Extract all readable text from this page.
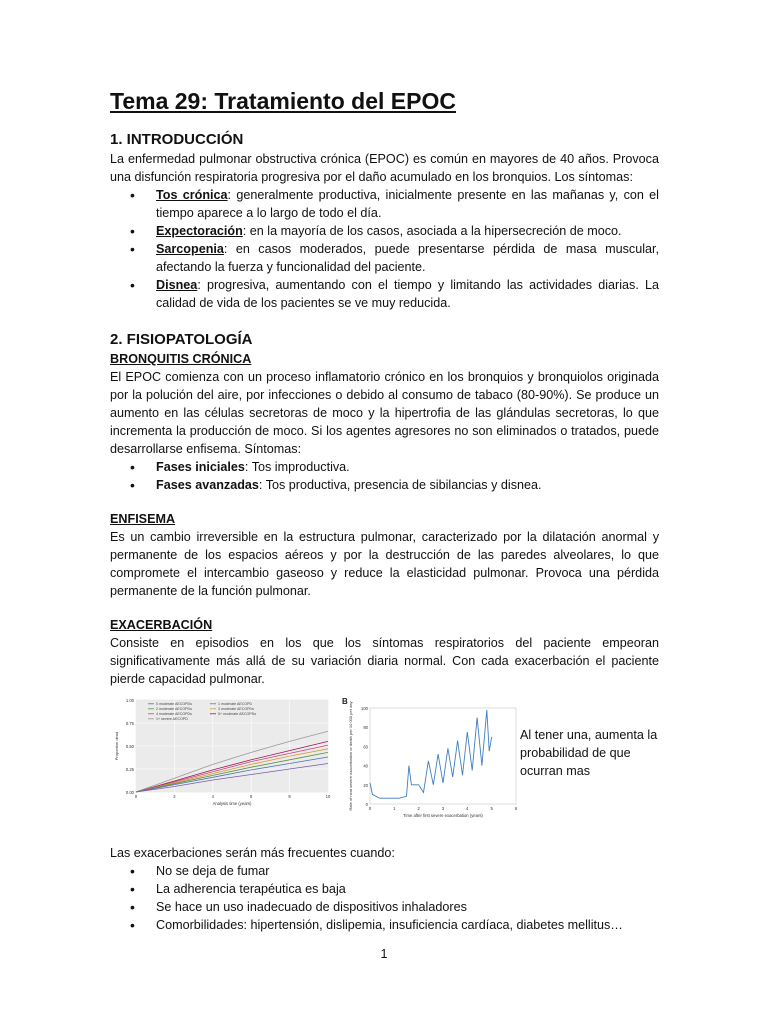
Tema 29: Tratamiento del EPOC
1. INTRODUCCIÓN

La enfermedad pulmonar obstructiva crónica (EPOC) es común en mayores de 40 años. Provoca una disfunción respiratoria progresiva por el daño acumulado en los bronquios. Los síntomas:

• Tos crónica: generalmente productiva, inicialmente presente en las mañanas y, con el tiempo aparece a lo largo de todo el día.
• Expectoración: en la mayoría de los casos, asociada a la hipersecreción de moco.
• Sarcopenia: en casos moderados, puede presentarse pérdida de masa muscular, afectando la fuerza y funcionalidad del paciente.
• Disnea: progresiva, aumentando con el tiempo y limitando las actividades diarias. La calidad de vida de los pacientes se ve muy reducida.
2. FISIOPATOLOGÍA
BRONQUITIS CRÓNICA

El EPOC comienza con un proceso inflamatorio crónico en los bronquios y bronquiolos originada por la polución del aire, por infecciones o debido al consumo de tabaco (80-90%). Se produce un aumento en las células secretoras de moco y la hipertrofia de las glándulas secretoras, lo que incrementa la producción de moco. Si los agentes agresores no son eliminados o tratados, puede desarrollarse enfisema. Síntomas:

• Fases iniciales: Tos improductiva.
• Fases avanzadas: Tos productiva, presencia de sibilancias y disnea.
ENFISEMA

Es un cambio irreversible en la estructura pulmonar, caracterizado por la dilatación anormal y permanente de los espacios aéreos y por la destrucción de las paredes alveolares, lo que compromete el intercambio gaseoso y reduce la elasticidad pulmonar. Provoca una pérdida permanente de la función pulmonar.

EXACERBACIÓN

Consiste en episodios en los que los síntomas respiratorios del paciente empeoran significativamente más allá de su variación diaria normal. Con cada exacerbación el paciente pierde capacidad pulmonar.

0.00
0.25
0.50
0.75
1.00
0	2	4	6	8	10
Analysis time (years)
Proportion dead
0 moderate AECOPDs	1 moderate AECOPD
2 moderate AECOPDs	3 moderate AECOPDs
4 moderate AECOPDs	5+ moderate AECOPDs
1+ severe AECOPD
0
20
40
60
80
100
0	1	2	3	4	5	6
Time after first severe exacerbation (years)
Rate of next severe exacerbation or death per 10 000 per day
B
Al tener una, aumenta la probabilidad de que ocurran mas

Las exacerbaciones serán más frecuentes cuando:

• No se deja de fumar
• La adherencia terapéutica es baja
• Se hace un uso inadecuado de dispositivos inhaladores
• Comorbilidades: hipertensión, dislipemia, insuficiencia cardíaca, diabetes mellitus…
1
